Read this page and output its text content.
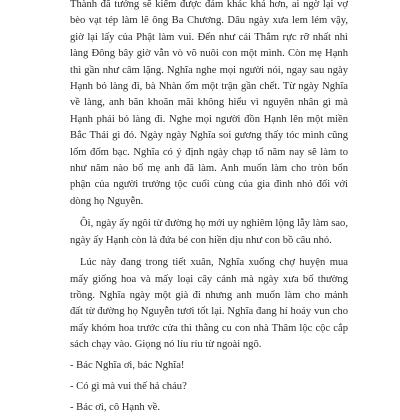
Thành đã tưởng sẽ kiếm được đám khác khá hơn, ai ngờ lại vợ
bèo vạt tép làm lẽ ông Ba Chương. Dâu ngày xưa lem lém vậy,
giờ lại lấy của Phật làm vui. Đến như cái Thắm rực rỡ nhất nhì
làng Đông bây giờ vẫn vò võ nuôi con một mình. Còn mẹ Hạnh
thì gần như câm lặng. Nghĩa nghe mọi người nói, ngay sau ngày
Hạnh bỏ làng đi, bà Nhàn ốm một trận gần chết. Từ ngày Nghĩa
về làng, anh băn khoăn mãi không hiểu vì nguyên nhân gì mà
Hạnh phải bỏ làng đi. Nghe mọi người đồn Hạnh lên một miền
Bắc Thái gì đó. Ngày ngày Nghĩa soi gương thấy tóc mình cũng
lốm đốm bạc. Nghĩa có ý định ngày chạp tổ năm nay sẽ làm to
như năm nào bố mẹ anh đã làm. Anh muốn làm cho tròn bổn
phận của người trưởng tộc cuối cùng của gia đình nhỏ đối với
dòng họ Nguyễn.
Ôi, ngày ấy ngôi từ đường họ mới uy nghiêm lộng lẫy làm sao,
ngày ấy Hạnh còn là đứa bé con hiền dịu như con bồ câu nhỏ.
Lúc này đang trong tiết xuân, Nghĩa xuống chợ huyện mua
mấy giống hoa và mấy loại cây cảnh mà ngày xưa bố thường
trồng. Nghĩa ngày một già đi nhưng anh muốn làm cho mảnh
đất từ đường họ Nguyễn tươi tốt lại. Nghĩa đang hí hoáy vun cho
mấy khóm hoa trước cửa thì thằng cu con nhà Thâm lộc cộc cắp
sách chạy vào. Giọng nó líu ríu từ ngoài ngõ.
- Bác Nghĩa ơi, bác Nghĩa!
- Có gì mà vui thế hả cháu?
- Bác ơi, cô Hạnh về.
